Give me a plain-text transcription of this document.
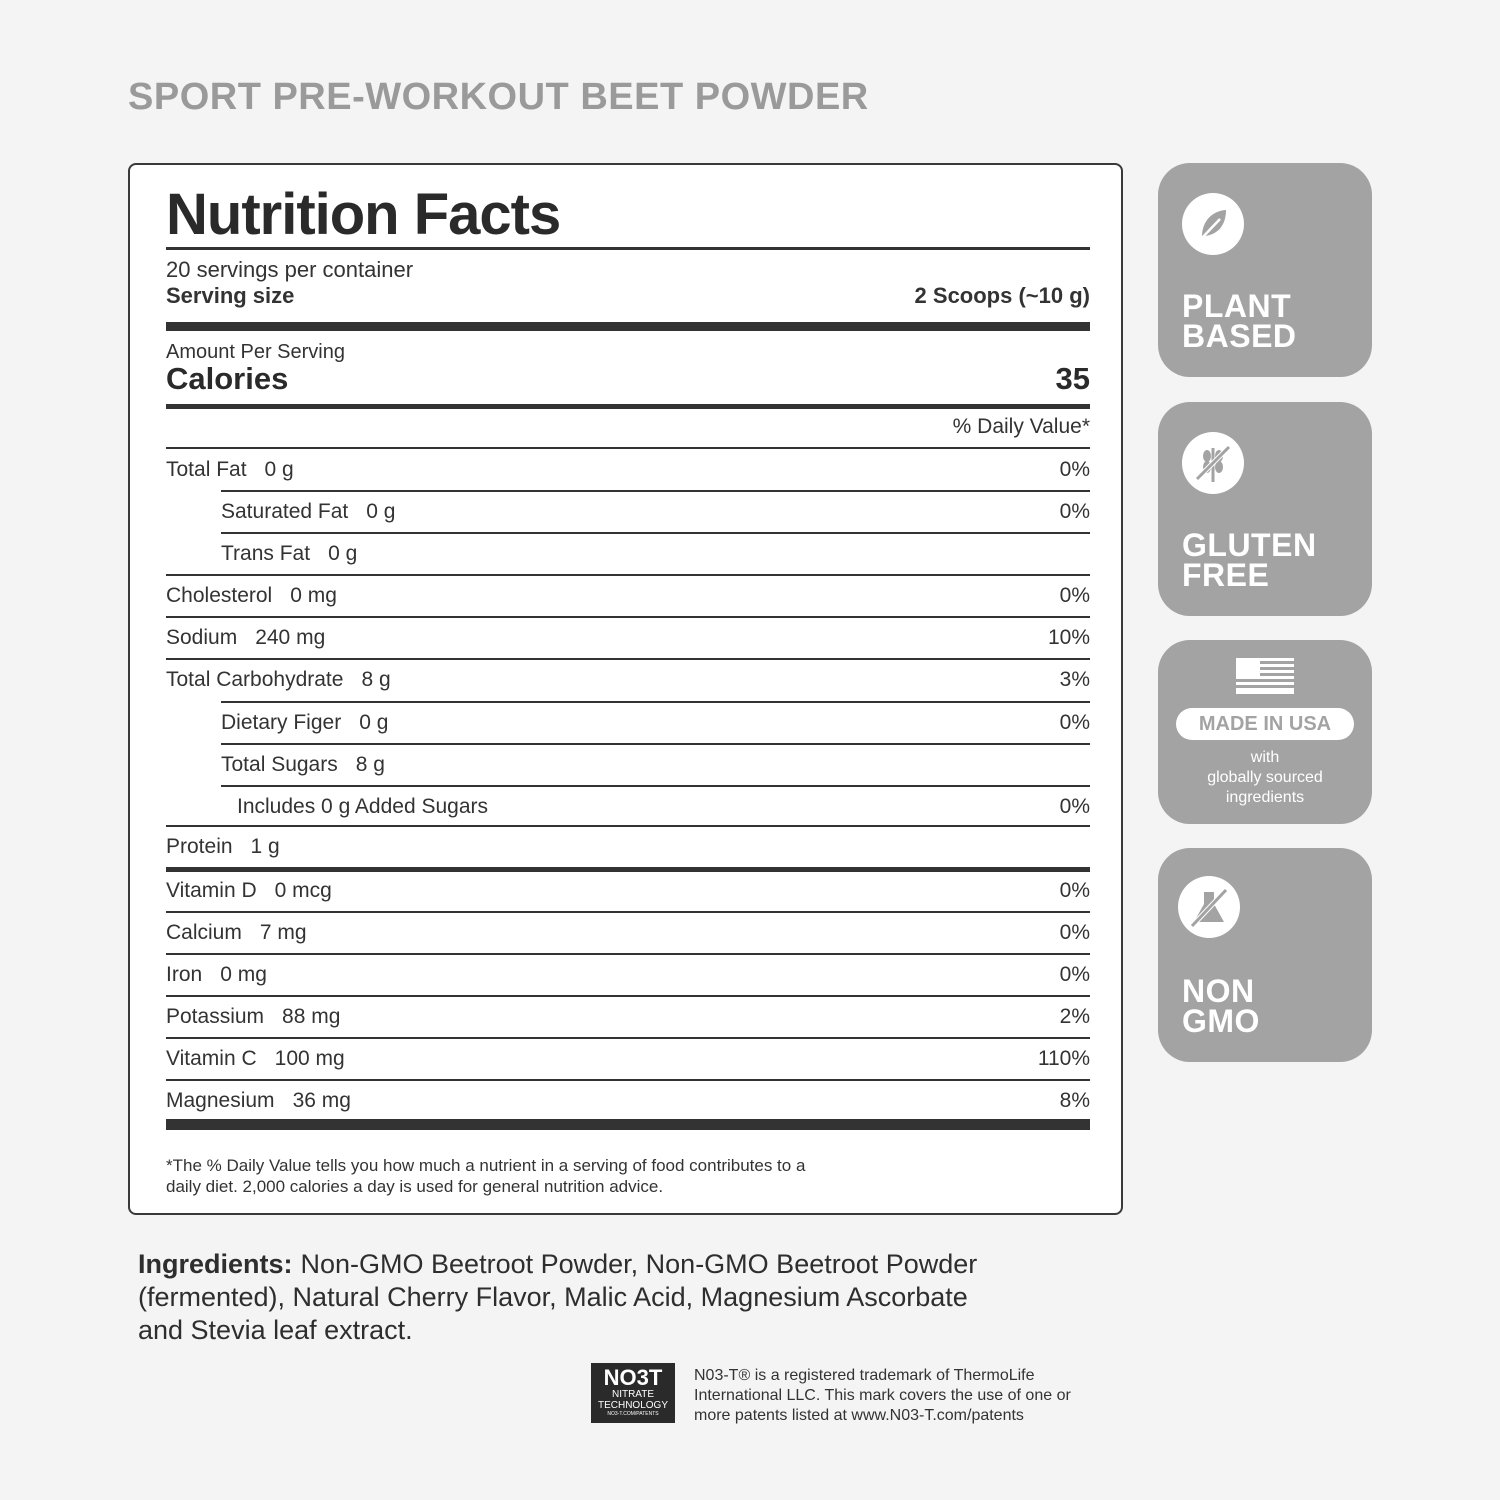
SPORT PRE-WORKOUT BEET POWDER
Nutrition Facts
20 servings per container
Serving size	2 Scoops (~10 g)
Amount Per Serving
Calories	35
% Daily Value*
Total Fat 0 g	0%
Saturated Fat 0 g	0%
Trans Fat 0 g
Cholesterol 0 mg	0%
Sodium 240 mg	10%
Total Carbohydrate 8 g	3%
Dietary Figer 0 g	0%
Total Sugars 8 g
Includes 0 g Added Sugars	0%
Protein 1 g
Vitamin D 0 mcg	0%
Calcium 7 mg	0%
Iron 0 mg	0%
Potassium 88 mg	2%
Vitamin C 100 mg	110%
Magnesium 36 mg	8%
*The % Daily Value tells you how much a nutrient in a serving of food contributes to a
daily diet. 2,000 calories a day is used for general nutrition advice.
PLANT
BASED
GLUTEN
FREE
MADE IN USA
with
globally sourced
ingredients
NON
GMO
Ingredients: Non-GMO Beetroot Powder, Non-GMO Beetroot Powder
(fermented), Natural Cherry Flavor, Malic Acid, Magnesium Ascorbate
and Stevia leaf extract.
NO3T
NITRATE
TECHNOLOGY
NO3-T.COM/PATENTS
N03-T® is a registered trademark of ThermoLife
International LLC. This mark covers the use of one or
more patents listed at www.N03-T.com/patents
